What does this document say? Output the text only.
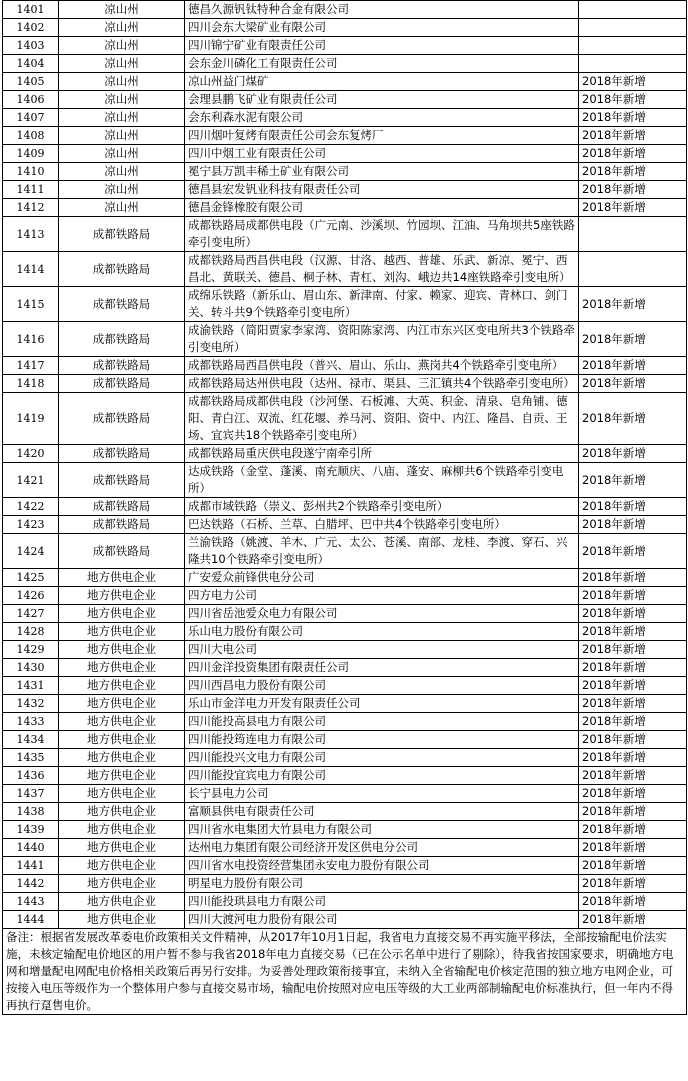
1401	凉山州	德昌久源钒钛特种合金有限公司	
1402	凉山州	四川会东大梁矿业有限公司	
1403	凉山州	四川锦宁矿业有限责任公司	
1404	凉山州	会东金川磷化工有限责任公司	
1405	凉山州	凉山州益门煤矿	2018年新增
1406	凉山州	会理县鹏飞矿业有限责任公司	2018年新增
1407	凉山州	会东利森水泥有限公司	2018年新增
1408	凉山州	四川烟叶复烤有限责任公司会东复烤厂	2018年新增
1409	凉山州	四川中烟工业有限责任公司	2018年新增
1410	凉山州	冕宁县万凯丰稀土矿业有限公司	2018年新增
1411	凉山州	德昌县宏发钒业科技有限责任公司	2018年新增
1412	凉山州	德昌金锋橡胶有限公司	2018年新增
1413	成都铁路局	成都铁路局成都供电段（广元南、沙溪坝、竹园坝、江油、马角坝共5座铁路牵引变电所）	
1414	成都铁路局	成都铁路局西昌供电段（汉源、甘洛、越西、普雄、乐武、新凉、冕宁、西昌北、黄联关、德昌、桐子林、青杠、刘沟、峨边共14座铁路牵引变电所）	
1415	成都铁路局	成绵乐铁路（新乐山、眉山东、新津南、付家、赖家、迎宾、青林口、剑门关、转斗共9个铁路牵引变电所）	2018年新增
1416	成都铁路局	成渝铁路（简阳贾家李家湾、资阳陈家湾、内江市东兴区变电所共3个铁路牵引变电所）	2018年新增
1417	成都铁路局	成都铁路局西昌供电段（普兴、眉山、乐山、燕岗共4个铁路牵引变电所）	2018年新增
1418	成都铁路局	成都铁路局达州供电段（达州、禄市、渠县、三汇镇共4个铁路牵引变电所）	2018年新增
1419	成都铁路局	成都铁路局成都供电段（沙河堡、石板滩、大英、积金、清泉、皂角铺、德阳、青白江、双流、红花堰、养马河、资阳、资中、内江、隆昌、自贡、王场、宜宾共18个铁路牵引变电所）	2018年新增
1420	成都铁路局	成都铁路局重庆供电段遂宁南牵引所	2018年新增
1421	成都铁路局	达成铁路（金堂、蓬溪、南充顺庆、八庙、蓬安、麻柳共6个铁路牵引变电所）	2018年新增
1422	成都铁路局	成都市域铁路（崇义、彭州共2个铁路牵引变电所）	2018年新增
1423	成都铁路局	巴达铁路（石桥、兰草、白腊坪、巴中共4个铁路牵引变电所）	2018年新增
1424	成都铁路局	兰渝铁路（姚渡、羊木、广元、太公、苍溪、南部、龙桂、李渡、穿石、兴隆共10个铁路牵引变电所）	2018年新增
1425	地方供电企业	广安爱众前锋供电分公司	2018年新增
1426	地方供电企业	四方电力公司	2018年新增
1427	地方供电企业	四川省岳池爱众电力有限公司	2018年新增
1428	地方供电企业	乐山电力股份有限公司	2018年新增
1429	地方供电企业	四川大电公司	2018年新增
1430	地方供电企业	四川金洋投资集团有限责任公司	2018年新增
1431	地方供电企业	四川西昌电力股份有限公司	2018年新增
1432	地方供电企业	乐山市金洋电力开发有限责任公司	2018年新增
1433	地方供电企业	四川能投高县电力有限公司	2018年新增
1434	地方供电企业	四川能投筠连电力有限公司	2018年新增
1435	地方供电企业	四川能投兴文电力有限公司	2018年新增
1436	地方供电企业	四川能投宜宾电力有限公司	2018年新增
1437	地方供电企业	长宁县电力公司	2018年新增
1438	地方供电企业	富顺县供电有限责任公司	2018年新增
1439	地方供电企业	四川省水电集团大竹县电力有限公司	2018年新增
1440	地方供电企业	达州电力集团有限公司经济开发区供电分公司	2018年新增
1441	地方供电企业	四川省水电投资经营集团永安电力股份有限公司	2018年新增
1442	地方供电企业	明星电力股份有限公司	2018年新增
1443	地方供电企业	四川能投珙县电力有限公司	2018年新增
1444	地方供电企业	四川大渡河电力股份有限公司	2018年新增
备注：根据省发展改革委电价政策相关文件精神，从2017年10月1日起，我省电力直接交易不再实施平移法，全部按输配电价法实施，未核定输配电价地区的用户暂不参与我省2018年电力直接交易（已在公示名单中进行了剔除），待我省按国家要求，明确地方电网和增量配电网配电价格相关政策后再另行安排。为妥善处理政策衔接事宜，未纳入全省输配电价核定范围的独立地方电网企业，可按接入电压等级作为一个整体用户参与直接交易市场，输配电价按照对应电压等级的大工业两部制输配电价标准执行，但一年内不得再执行趸售电价。			
